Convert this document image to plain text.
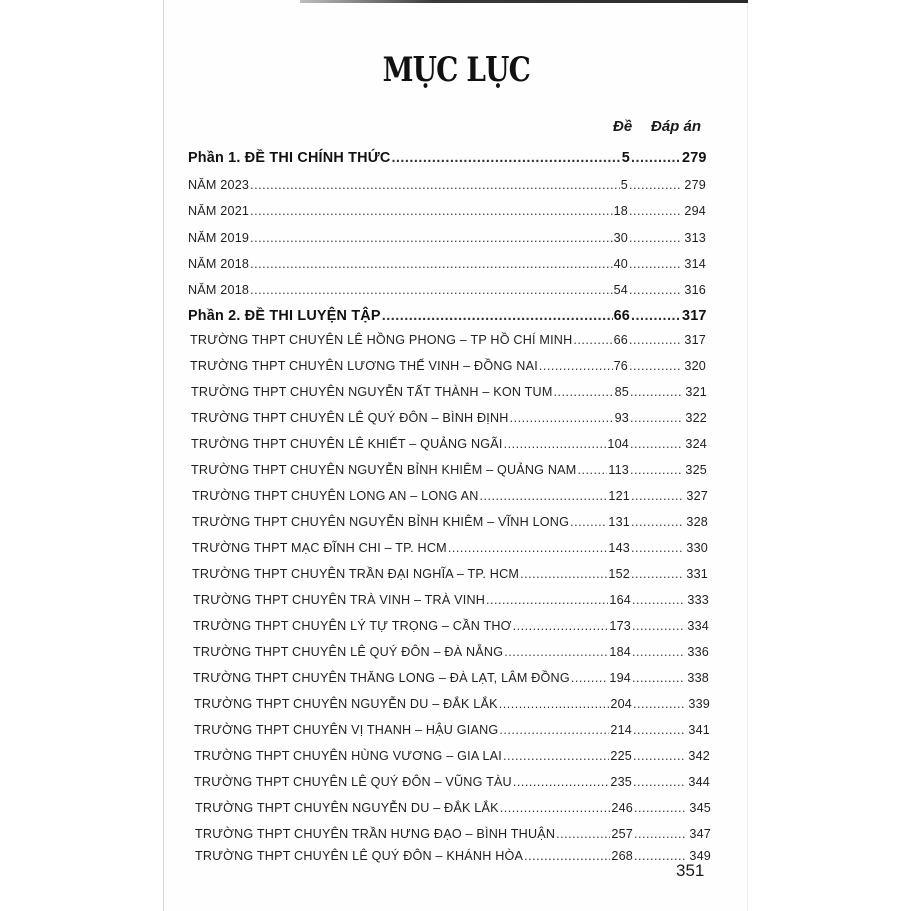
MỤC LỤC
Đề Đáp án
Phần 1. ĐỀ THI CHÍNH THỨC .....	5 .....	279
NĂM 2023 .....	5 .....	279
NĂM 2021 .....	18 .....	294
NĂM 2019 .....	30 .....	313
NĂM 2018 .....	40 .....	314
NĂM 2018 .....	54 .....	316
Phần 2. ĐỀ THI LUYỆN TẬP .....	66 .....	317
TRƯỜNG THPT CHUYÊN LÊ HỒNG PHONG – TP HỒ CHÍ MINH .....	66 .....	317
TRƯỜNG THPT CHUYÊN LƯƠNG THẾ VINH – ĐỒNG NAI .....	76 .....	320
TRƯỜNG THPT CHUYÊN NGUYỄN TẤT THÀNH – KON TUM .....	85 .....	321
TRƯỜNG THPT CHUYÊN LÊ QUÝ ĐÔN – BÌNH ĐỊNH .....	93 .....	322
TRƯỜNG THPT CHUYÊN LÊ KHIẾT – QUẢNG NGÃI .....	104 .....	324
TRƯỜNG THPT CHUYÊN NGUYỄN BỈNH KHIÊM – QUẢNG NAM .....	113 .....	325
TRƯỜNG THPT CHUYÊN LONG AN – LONG AN .....	121 .....	327
TRƯỜNG THPT CHUYÊN NGUYỄN BỈNH KHIÊM – VĨNH LONG .....	131 .....	328
TRƯỜNG THPT MẠC ĐĨNH CHI – TP. HCM .....	143 .....	330
TRƯỜNG THPT CHUYÊN TRẦN ĐẠI NGHĨA – TP. HCM .....	152 .....	331
TRƯỜNG THPT CHUYÊN TRÀ VINH – TRÀ VINH .....	164 .....	333
TRƯỜNG THPT CHUYÊN LÝ TỰ TRỌNG – CẦN THƠ .....	173 .....	334
TRƯỜNG THPT CHUYÊN LÊ QUÝ ĐÔN – ĐÀ NẴNG .....	184 .....	336
TRƯỜNG THPT CHUYÊN THĂNG LONG – ĐÀ LẠT, LÂM ĐỒNG .....	194 .....	338
TRƯỜNG THPT CHUYÊN NGUYỄN DU – ĐẮK LẮK .....	204 .....	339
TRƯỜNG THPT CHUYÊN VỊ THANH – HẬU GIANG .....	214 .....	341
TRƯỜNG THPT CHUYÊN HÙNG VƯƠNG – GIA LAI .....	225 .....	342
TRƯỜNG THPT CHUYÊN LÊ QUÝ ĐÔN – VŨNG TÀU .....	235 .....	344
TRƯỜNG THPT CHUYÊN NGUYỄN DU – ĐẮK LẮK .....	246 .....	345
TRƯỜNG THPT CHUYÊN TRẦN HƯNG ĐẠO – BÌNH THUẬN .....	257 .....	347
TRƯỜNG THPT CHUYÊN LÊ QUÝ ĐÔN – KHÁNH HÒA .....	268 .....	349
351
